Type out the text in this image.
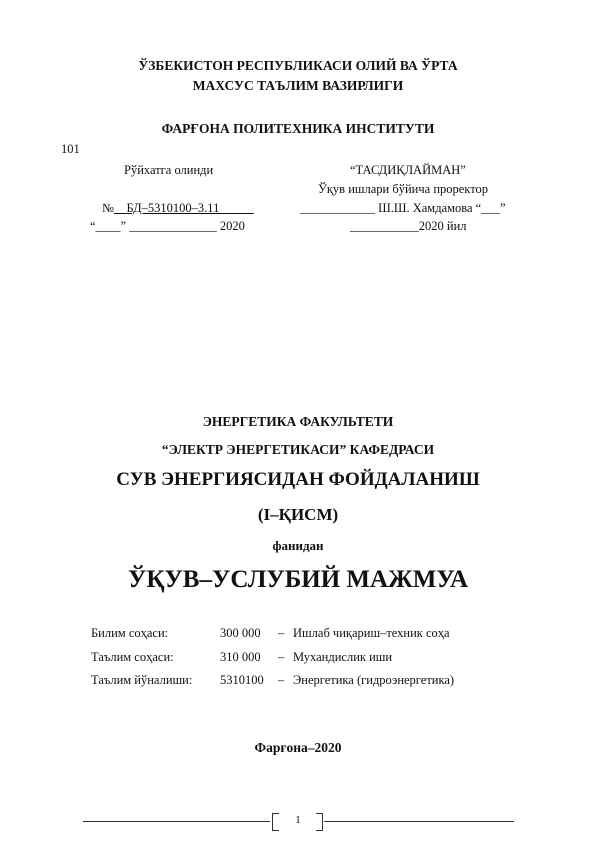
ЎЗБЕКИСТОН РЕСПУБЛИКАСИ ОЛИЙ ВА ЎРТА
МАХСУС ТАЪЛИМ ВАЗИРЛИГИ
ФАРҒОНА ПОЛИТЕХНИКА ИНСТИТУТИ
101
Рўйхатга олинди
№ БД–5310100–3.11
“____” ______________ 2020
“ТАСДИҚЛАЙМАН”
Ўқув ишлари бўйича проректор
____________ Ш.Ш. Хамдамова “___”
___________2020 йил
ЭНЕРГЕТИКА ФАКУЛЬТЕТИ
“ЭЛЕКТР ЭНЕРГЕТИКАСИ” КАФЕДРАСИ
СУВ ЭНЕРГИЯСИДАН ФОЙДАЛАНИШ
(I–ҚИСМ)
фанидан
ЎҚУВ–УСЛУБИЙ МАЖМУА
Билим соҳаси:	300 000 – Ишлаб чиқариш–техник соҳа
Таълим соҳаси:	310 000 – Мухандислик иши
Таълим йўналиши: 5310100 – Энергетика (гидроэнергетика)
Фарғона–2020
1
